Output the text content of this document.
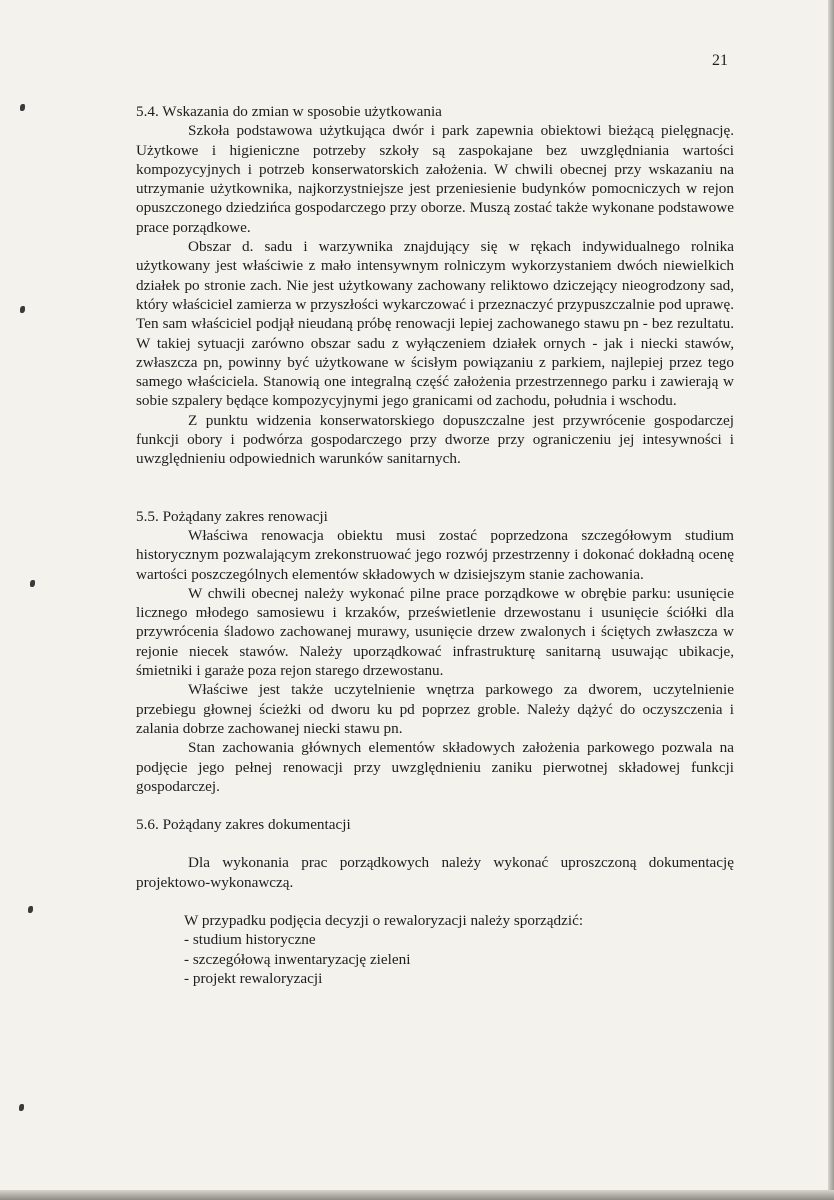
21

5.4. Wskazania do zmian w sposobie użytkowania

Szkoła podstawowa użytkująca dwór i park zapewnia obiektowi bieżącą pielęgnację. Użytkowe i higieniczne potrzeby szkoły są zaspokajane bez uwzględniania wartości kompozycyjnych i potrzeb konserwatorskich założenia. W chwili obecnej przy wskazaniu na utrzymanie użytkownika, najkorzystniejsze jest przeniesienie budynków pomocniczych w rejon opuszczonego dziedzińca gospodarczego przy oborze. Muszą zostać także wykonane podstawowe prace porządkowe.

Obszar d. sadu i warzywnika znajdujący się w rękach indywidualnego rolnika użytkowany jest właściwie z mało intensywnym rolniczym wykorzystaniem dwóch niewielkich działek po stronie zach. Nie jest użytkowany zachowany reliktowo dziczejący nieogrodzony sad, który właściciel zamierza w przyszłości wykarczować i przeznaczyć przypuszczalnie pod uprawę. Ten sam właściciel podjął nieudaną próbę renowacji lepiej zachowanego stawu pn - bez rezultatu. W takiej sytuacji zarówno obszar sadu z wyłączeniem działek ornych - jak i niecki stawów, zwłaszcza pn, powinny być użytkowane w ścisłym powiązaniu z parkiem, najlepiej przez tego samego właściciela. Stanowią one integralną część założenia przestrzennego parku i zawierają w sobie szpalery będące kompozycyjnymi jego granicami od zachodu, południa i wschodu.

Z punktu widzenia konserwatorskiego dopuszczalne jest przywrócenie gospodarczej funkcji obory i podwórza gospodarczego przy dworze przy ograniczeniu jej intesywności i uwzględnieniu odpowiednich warunków sanitarnych.

5.5. Pożądany zakres renowacji

Właściwa renowacja obiektu musi zostać poprzedzona szczegółowym studium historycznym pozwalającym zrekonstruować jego rozwój przestrzenny i dokonać dokładną ocenę wartości poszczególnych elementów składowych w dzisiejszym stanie zachowania.

W chwili obecnej należy wykonać pilne prace porządkowe w obrębie parku: usunięcie licznego młodego samosiewu i krzaków, prześwietlenie drzewostanu i usunięcie ściółki dla przywrócenia śladowo zachowanej murawy, usunięcie drzew zwalonych i ściętych zwłaszcza w rejonie niecek stawów. Należy uporządkować infrastrukturę sanitarną usuwając ubikacje, śmietniki i garaże poza rejon starego drzewostanu.

Właściwe jest także uczytelnienie wnętrza parkowego za dworem, uczytelnienie przebiegu głownej ścieżki od dworu ku pd poprzez groble. Należy dążyć do oczyszczenia i zalania dobrze zachowanej niecki stawu pn.

Stan zachowania głównych elementów składowych założenia parkowego pozwala na podjęcie jego pełnej renowacji przy uwzględnieniu zaniku pierwotnej składowej funkcji gospodarczej.

5.6. Pożądany zakres dokumentacji

Dla wykonania prac porządkowych należy wykonać uproszczoną dokumentację projektowo-wykonawczą.

W przypadku podjęcia decyzji o rewaloryzacji należy sporządzić:

- studium historyczne
- szczegółową inwentaryzację zieleni
- projekt rewaloryzacji
